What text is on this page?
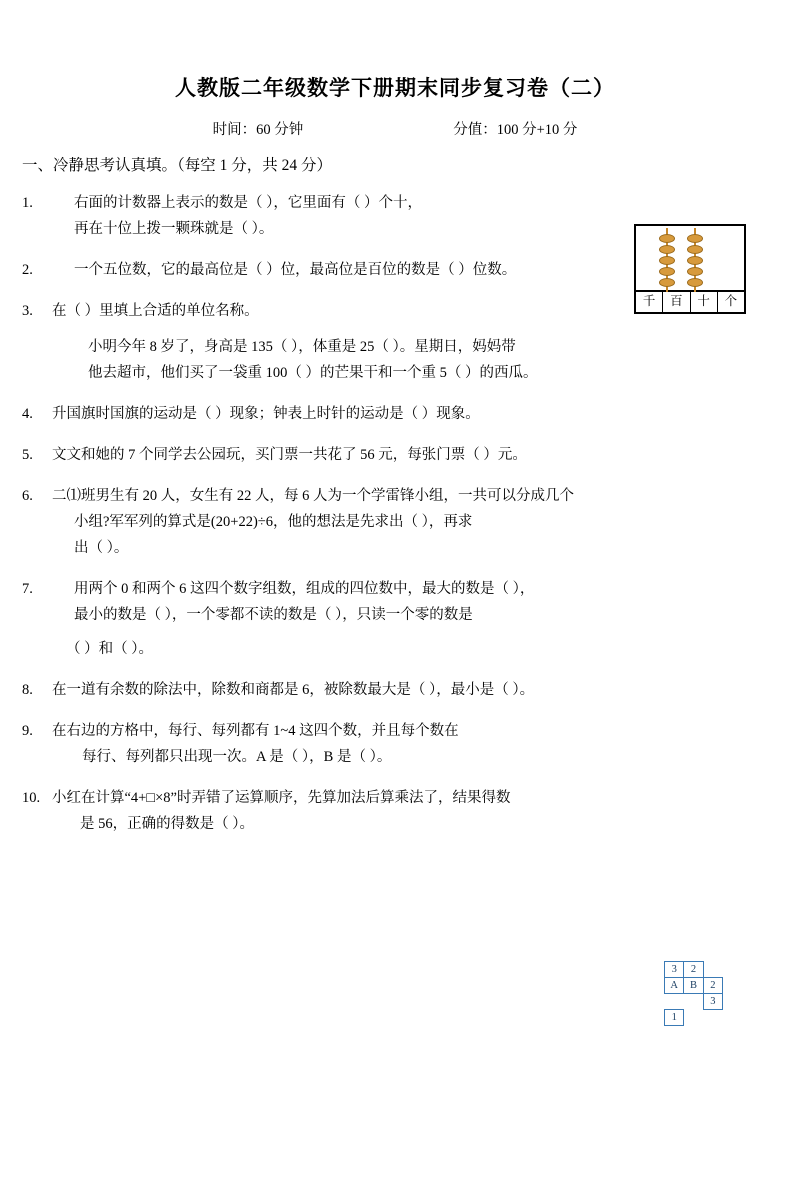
人教版二年级数学下册期末同步复习卷（二）
时间：60 分钟	分值：100 分+10 分
一、冷静思考认真填。（每空 1 分，共 24 分）
千	百	十	个
1.	右面的计数器上表示的数是（ ），它里面有（ ）个十，
再在十位上拨一颗珠就是（ ）。
2.	一个五位数，它的最高位是（ ）位，最高位是百位的数是（ ）位数。
3.	在（ ）里填上合适的单位名称。
小明今年 8 岁了，身高是 135（ ），体重是 25（ ）。星期日，妈妈带
他去超市，他们买了一袋重 100（ ）的芒果干和一个重 5（ ）的西瓜。
4.	升国旗时国旗的运动是（ ）现象；钟表上时针的运动是（ ）现象。
5.	文文和她的 7 个同学去公园玩，买门票一共花了 56 元，每张门票（ ）元。
6.	二⑴班男生有 20 人，女生有 22 人，每 6 人为一个学雷锋小组，一共可以分成几个
小组?军军列的算式是(20+22)÷6，他的想法是先求出（ ），再求
出（ ）。
7.	用两个 0 和两个 6 这四个数字组数，组成的四位数中，最大的数是（ ），
最小的数是（ ），一个零都不读的数是（ ），只读一个零的数是
（ ）和（ ）。
8.	在一道有余数的除法中，除数和商都是 6，被除数最大是（ ），最小是（ ）。
3	2		
A	B	2	
		3	
1			
9.	在右边的方格中，每行、每列都有 1~4 这四个数，并且每个数在
每行、每列都只出现一次。A 是（ ），B 是（ ）。
10. 小红在计算“4+□×8”时弄错了运算顺序，先算加法后算乘法了，结果得数
是 56，正确的得数是（ ）。
